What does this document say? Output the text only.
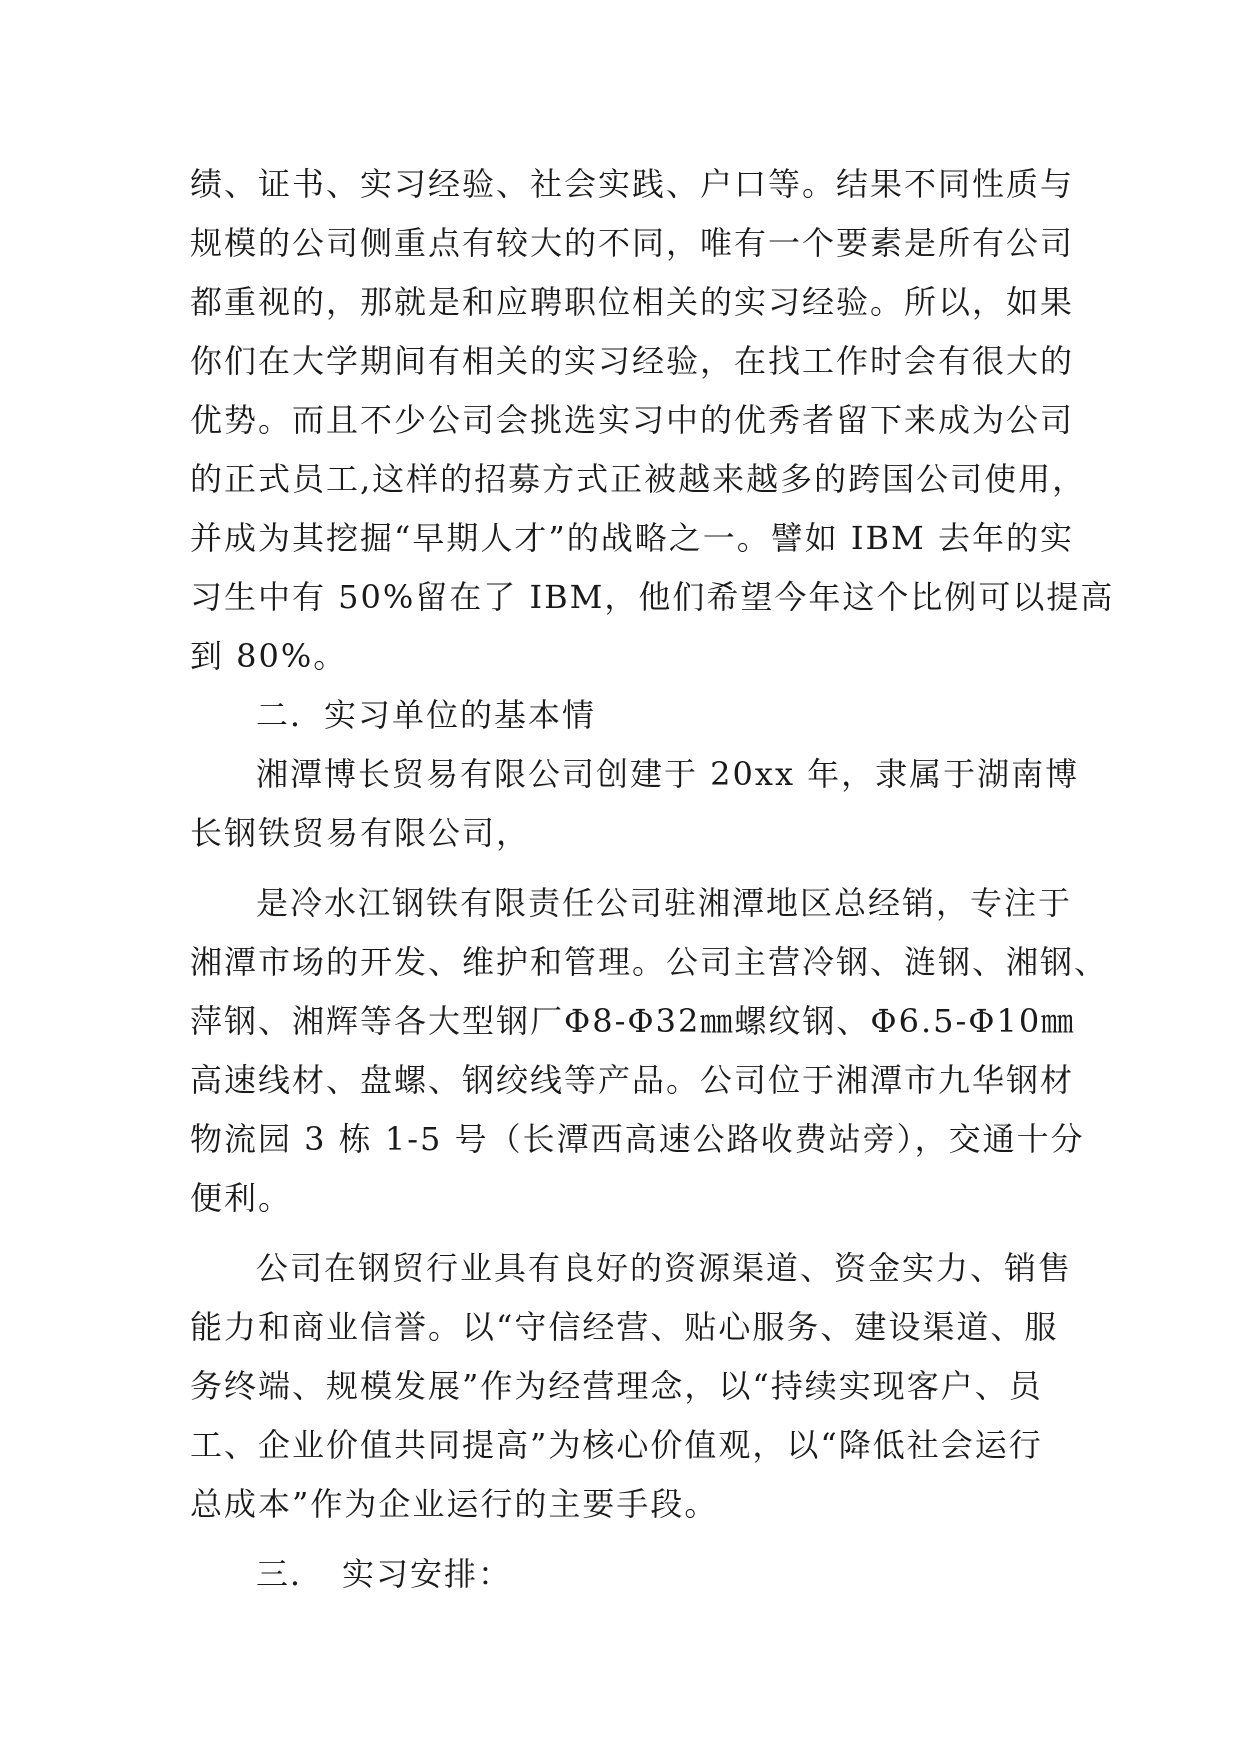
绩、证书、实习经验、社会实践、户口等。结果不同性质与
规模的公司侧重点有较大的不同，唯有一个要素是所有公司
都重视的，那就是和应聘职位相关的实习经验。所以，如果
你们在大学期间有相关的实习经验，在找工作时会有很大的
优势。而且不少公司会挑选实习中的优秀者留下来成为公司
的正式员工,这样的招募方式正被越来越多的跨国公司使用，
并成为其挖掘“早期人才”的战略之一。譬如 IBM 去年的实
习生中有 50%留在了 IBM，他们希望今年这个比例可以提高
到 80%。
二．实习单位的基本情
湘潭博长贸易有限公司创建于 20xx 年，隶属于湖南博
长钢铁贸易有限公司，
是冷水江钢铁有限责任公司驻湘潭地区总经销，专注于
湘潭市场的开发、维护和管理。公司主营冷钢、涟钢、湘钢、
萍钢、湘辉等各大型钢厂Φ8-Φ32㎜螺纹钢、Φ6.5-Φ10㎜
高速线材、盘螺、钢绞线等产品。公司位于湘潭市九华钢材
物流园 3 栋 1-5 号（长潭西高速公路收费站旁），交通十分
便利。
公司在钢贸行业具有良好的资源渠道、资金实力、销售
能力和商业信誉。以“守信经营、贴心服务、建设渠道、服
务终端、规模发展”作为经营理念，以“持续实现客户、员
工、企业价值共同提高”为核心价值观，以“降低社会运行
总成本”作为企业运行的主要手段。
三．　实习安排：
